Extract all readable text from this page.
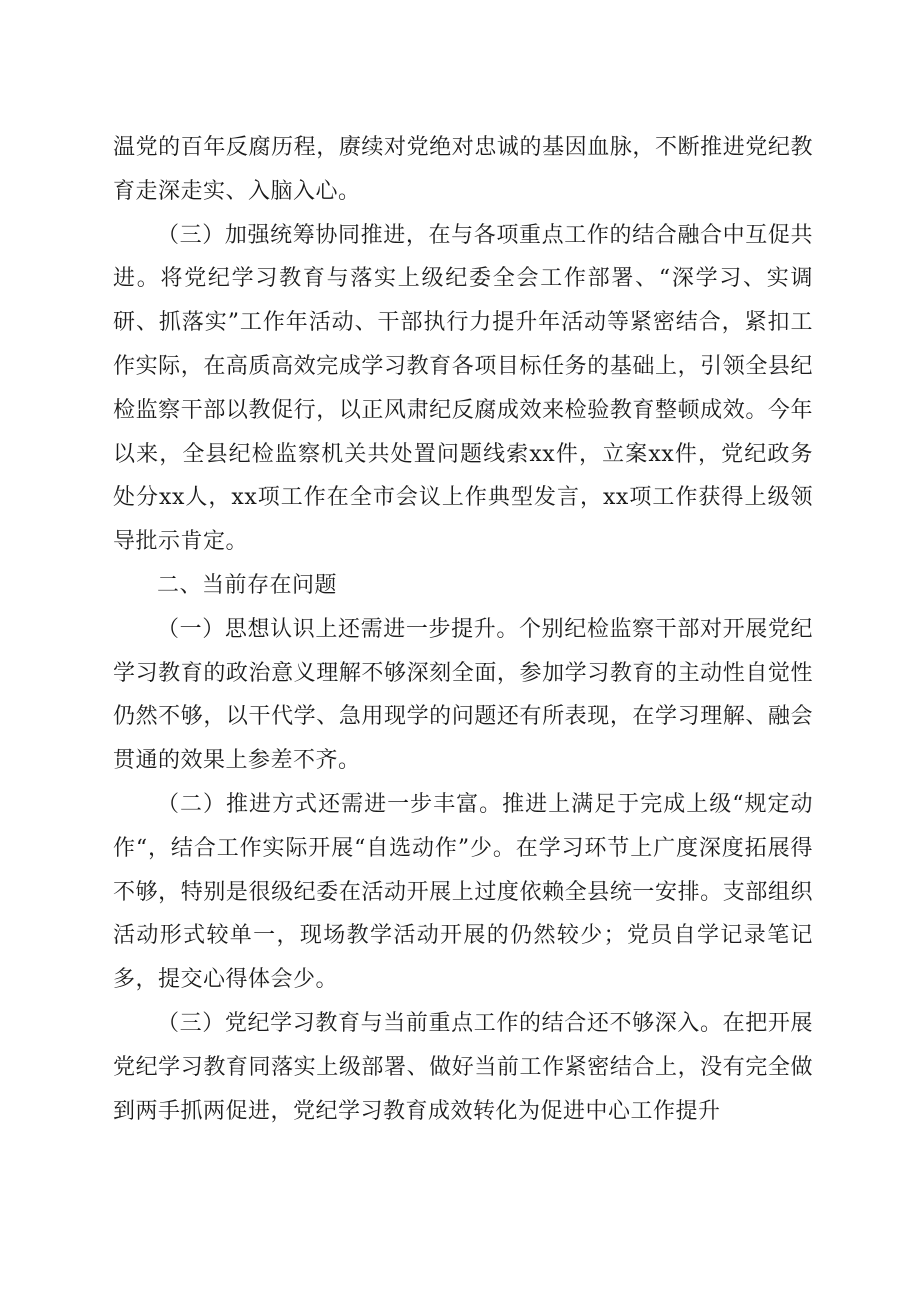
温党的百年反腐历程，赓续对党绝对忠诚的基因血脉，不断推进党纪教育走深走实、入脑入心。

（三）加强统筹协同推进，在与各项重点工作的结合融合中互促共进。将党纪学习教育与落实上级纪委全会工作部署、“深学习、实调研、抓落实”工作年活动、干部执行力提升年活动等紧密结合，紧扣工作实际，在高质高效完成学习教育各项目标任务的基础上，引领全县纪检监察干部以教促行，以正风肃纪反腐成效来检验教育整顿成效。今年以来，全县纪检监察机关共处置问题线索xx件，立案xx件，党纪政务处分xx人，xx项工作在全市会议上作典型发言，xx项工作获得上级领导批示肯定。

二、当前存在问题

（一）思想认识上还需进一步提升。个别纪检监察干部对开展党纪学习教育的政治意义理解不够深刻全面，参加学习教育的主动性自觉性仍然不够，以干代学、急用现学的问题还有所表现，在学习理解、融会贯通的效果上参差不齐。

（二）推进方式还需进一步丰富。推进上满足于完成上级“规定动作“，结合工作实际开展“自选动作”少。在学习环节上广度深度拓展得不够，特别是很级纪委在活动开展上过度依赖全县统一安排。支部组织活动形式较单一，现场教学活动开展的仍然较少；党员自学记录笔记多，提交心得体会少。

（三）党纪学习教育与当前重点工作的结合还不够深入。在把开展党纪学习教育同落实上级部署、做好当前工作紧密结合上，没有完全做到两手抓两促进，党纪学习教育成效转化为促进中心工作提升
